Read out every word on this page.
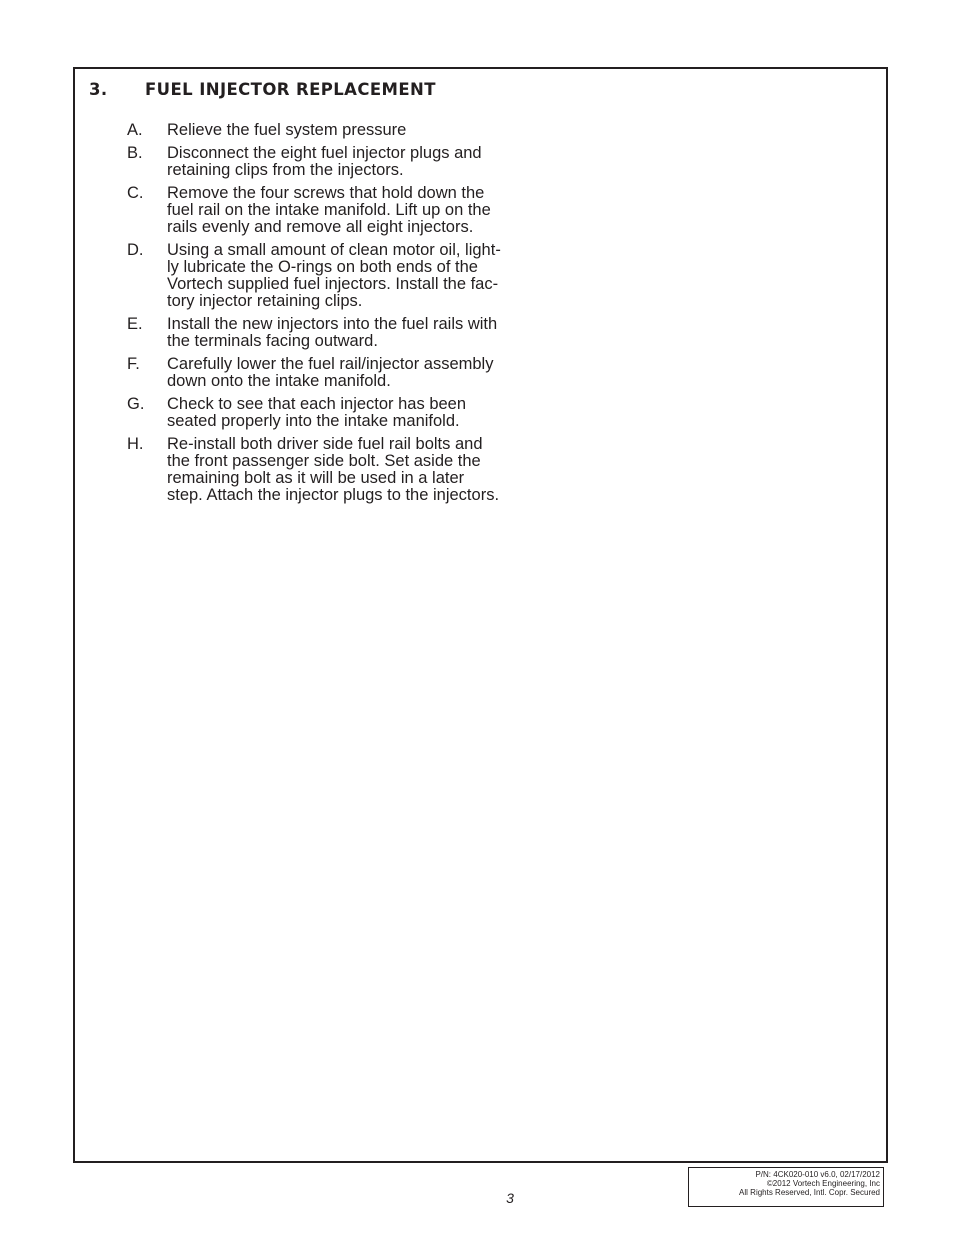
3. FUEL INJECTOR REPLACEMENT
A.	Relieve the fuel system pressure
B.	Disconnect the eight fuel injector plugs and
retaining clips from the injectors.
C.	Remove the four screws that hold down the
fuel rail on the intake manifold. Lift up on the
rails evenly and remove all eight injectors.
D.	Using a small amount of clean motor oil, light-
ly lubricate the O-rings on both ends of the
Vortech supplied fuel injectors. Install the fac-
tory injector retaining clips.
E.	Install the new injectors into the fuel rails with
the terminals facing outward.
F.	Carefully lower the fuel rail/injector assembly
down onto the intake manifold.
G.	Check to see that each injector has been
seated properly into the intake manifold.
H.	Re-install both driver side fuel rail bolts and
the front passenger side bolt. Set aside the
remaining bolt as it will be used in a later
step. Attach the injector plugs to the injectors.
3
P/N: 4CK020-010 v6.0, 02/17/2012
©2012 Vortech Engineering, Inc
All Rights Reserved, Intl. Copr. Secured
